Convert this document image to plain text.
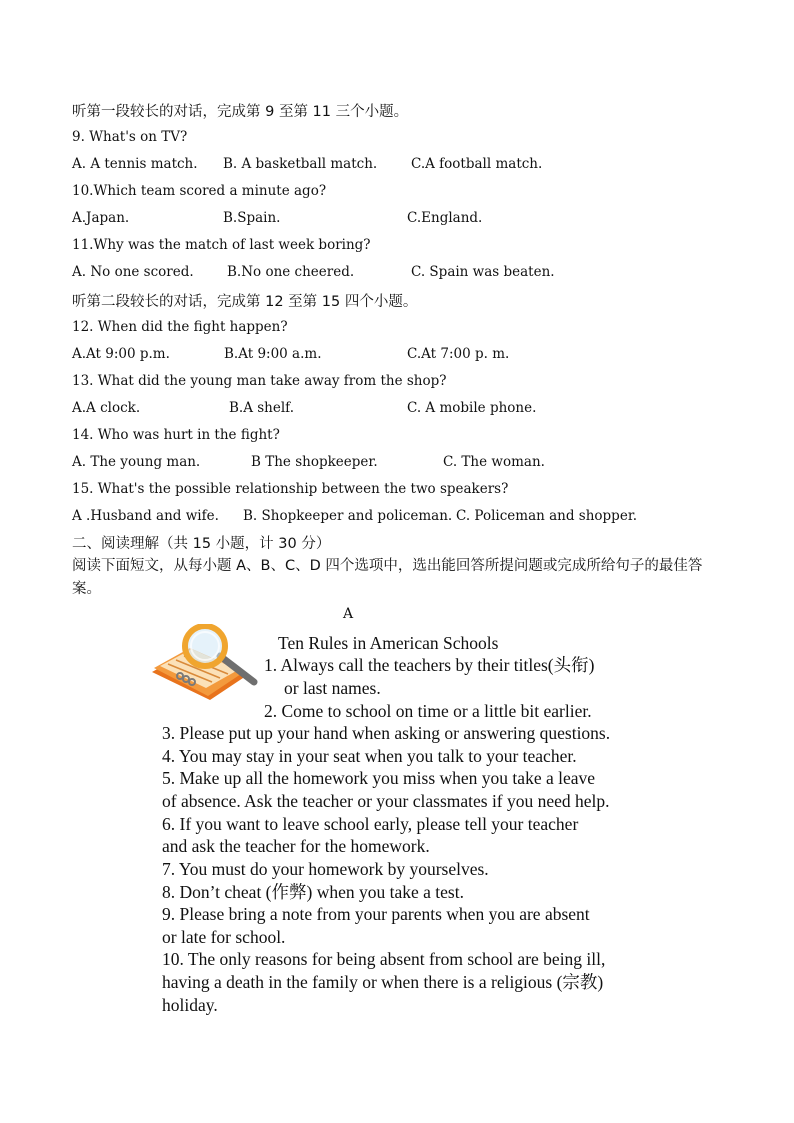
听第一段较长的对话，完成第 9 至第 11 三个小题。
9. What's on TV?
A. A tennis match. B. A basketball match.	C.A football match.
10.Which team scored a minute ago?
A.Japan.	B.Spain.	C.England.
11.Why was the match of last week boring?
A. No one scored. B.No one cheered.	C. Spain was beaten.
听第二段较长的对话，完成第 12 至第 15 四个小题。
12. When did the fight happen?
A.At 9:00 p.m.	B.At 9:00 a.m.	C.At 7:00 p. m.
13. What did the young man take away from the shop?
A.A clock.	B.A shelf.	C. A mobile phone.
14. Who was hurt in the fight?
A. The young man.	B The shopkeeper.	C. The woman.
15. What's the possible relationship between the two speakers?
A .Husband and wife. B. Shopkeeper and policeman. C. Policeman and shopper.
二、阅读理解（共 15 小题，计 30 分）
阅读下面短文，从每小题 A、B、C、D 四个选项中，选出能回答所提问题或完成所给句子的最佳答案。
A
Ten Rules in American Schools
1. Always call the teachers by their titles(头衔)
or last names.
2. Come to school on time or a little bit earlier.
3. Please put up your hand when asking or answering questions.
4. You may stay in your seat when you talk to your teacher.
5. Make up all the homework you miss when you take a leave
of absence. Ask the teacher or your classmates if you need help.
6. If you want to leave school early, please tell your teacher
and ask the teacher for the homework.
7. You must do your homework by yourselves.
8. Don’t cheat (作弊) when you take a test.
9. Please bring a note from your parents when you are absent
or late for school.
10. The only reasons for being absent from school are being ill,
having a death in the family or when there is a religious (宗教)
holiday.
